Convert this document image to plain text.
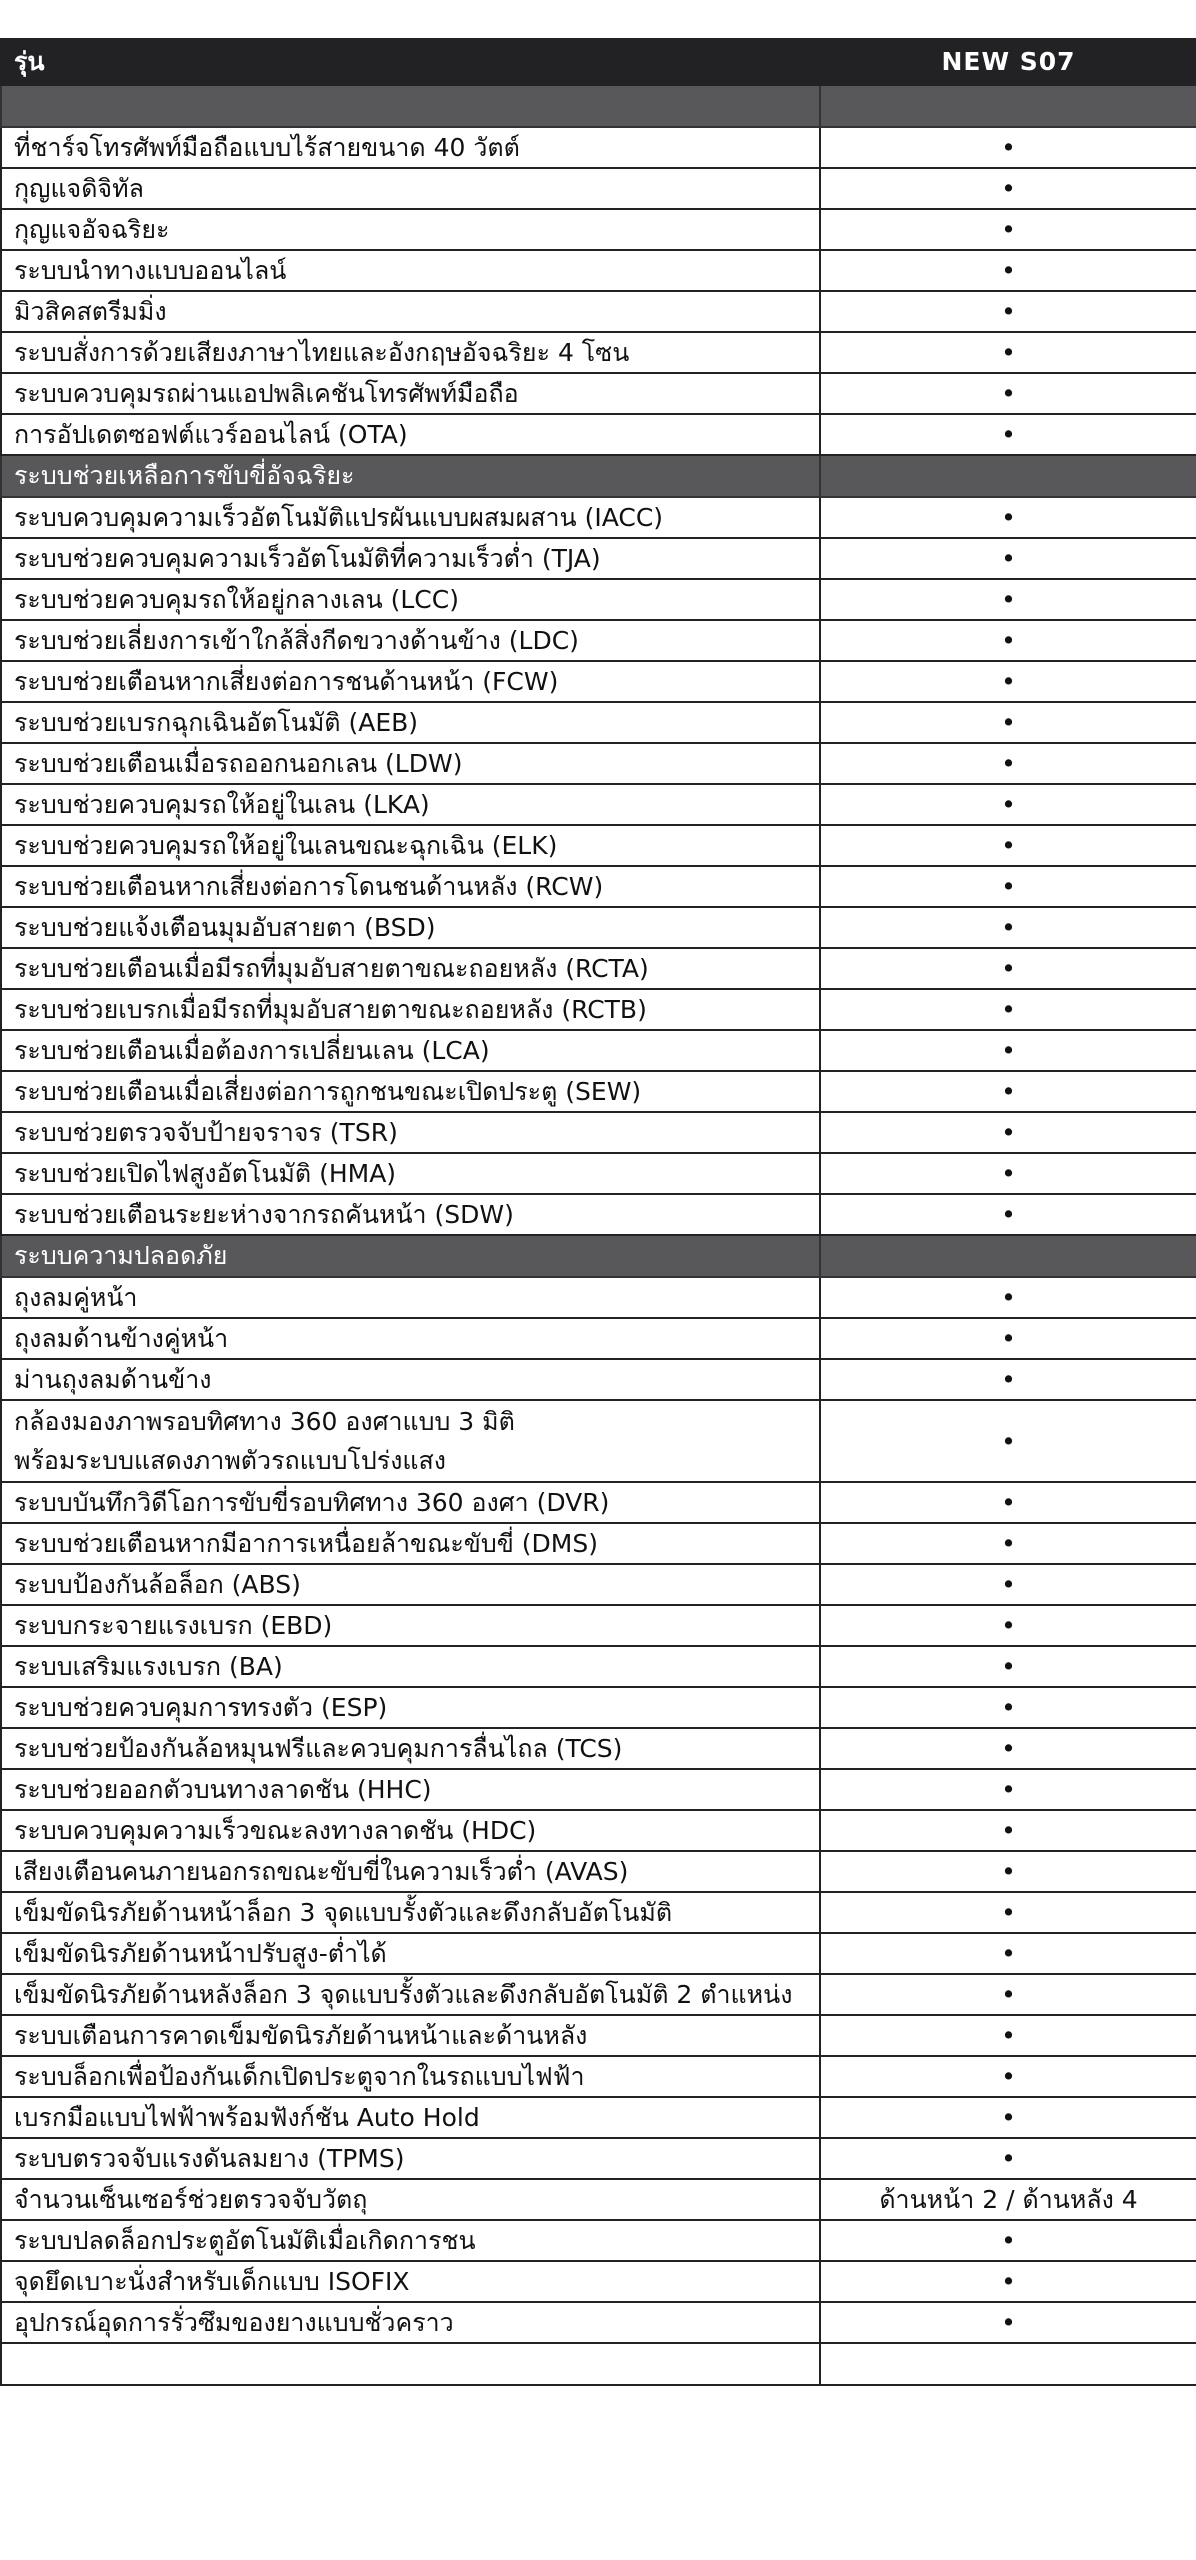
รุ่น	NEW S07

ที่ชาร์จโทรศัพท์มือถือแบบไร้สายขนาด 40 วัตต์	•
กุญแจดิจิทัล	•
กุญแจอัจฉริยะ	•
ระบบนำทางแบบออนไลน์	•
มิวสิคสตรีมมิ่ง	•
ระบบสั่งการด้วยเสียงภาษาไทยและอังกฤษอัจฉริยะ 4 โซน	•
ระบบควบคุมรถผ่านแอปพลิเคชันโทรศัพท์มือถือ	•
การอัปเดตซอฟต์แวร์ออนไลน์ (OTA)	•
ระบบช่วยเหลือการขับขี่อัจฉริยะ	
ระบบควบคุมความเร็วอัตโนมัติแปรผันแบบผสมผสาน (IACC)	•
ระบบช่วยควบคุมความเร็วอัตโนมัติที่ความเร็วต่ำ (TJA)	•
ระบบช่วยควบคุมรถให้อยู่กลางเลน (LCC)	•
ระบบช่วยเลี่ยงการเข้าใกล้สิ่งกีดขวางด้านข้าง (LDC)	•
ระบบช่วยเตือนหากเสี่ยงต่อการชนด้านหน้า (FCW)	•
ระบบช่วยเบรกฉุกเฉินอัตโนมัติ (AEB)	•
ระบบช่วยเตือนเมื่อรถออกนอกเลน (LDW)	•
ระบบช่วยควบคุมรถให้อยู่ในเลน (LKA)	•
ระบบช่วยควบคุมรถให้อยู่ในเลนขณะฉุกเฉิน (ELK)	•
ระบบช่วยเตือนหากเสี่ยงต่อการโดนชนด้านหลัง (RCW)	•
ระบบช่วยแจ้งเตือนมุมอับสายตา (BSD)	•
ระบบช่วยเตือนเมื่อมีรถที่มุมอับสายตาขณะถอยหลัง (RCTA)	•
ระบบช่วยเบรกเมื่อมีรถที่มุมอับสายตาขณะถอยหลัง (RCTB)	•
ระบบช่วยเตือนเมื่อต้องการเปลี่ยนเลน (LCA)	•
ระบบช่วยเตือนเมื่อเสี่ยงต่อการถูกชนขณะเปิดประตู (SEW)	•
ระบบช่วยตรวจจับป้ายจราจร (TSR)	•
ระบบช่วยเปิดไฟสูงอัตโนมัติ (HMA)	•
ระบบช่วยเตือนระยะห่างจากรถคันหน้า (SDW)	•
ระบบความปลอดภัย	
ถุงลมคู่หน้า	•
ถุงลมด้านข้างคู่หน้า	•
ม่านถุงลมด้านข้าง	•

กล้องมองภาพรอบทิศทาง 360 องศาแบบ 3 มิติ
พร้อมระบบแสดงภาพตัวรถแบบโปร่งแสง	•
ระบบบันทึกวิดีโอการขับขี่รอบทิศทาง 360 องศา (DVR)	•
ระบบช่วยเตือนหากมีอาการเหนื่อยล้าขณะขับขี่ (DMS)	•
ระบบป้องกันล้อล็อก (ABS)	•
ระบบกระจายแรงเบรก (EBD)	•
ระบบเสริมแรงเบรก (BA)	•
ระบบช่วยควบคุมการทรงตัว (ESP)	•
ระบบช่วยป้องกันล้อหมุนฟรีและควบคุมการลื่นไถล (TCS)	•
ระบบช่วยออกตัวบนทางลาดชัน (HHC)	•
ระบบควบคุมความเร็วขณะลงทางลาดชัน (HDC)	•
เสียงเตือนคนภายนอกรถขณะขับขี่ในความเร็วต่ำ (AVAS)	•
เข็มขัดนิรภัยด้านหน้าล็อก 3 จุดแบบรั้งตัวและดึงกลับอัตโนมัติ	•
เข็มขัดนิรภัยด้านหน้าปรับสูง-ต่ำได้	•
เข็มขัดนิรภัยด้านหลังล็อก 3 จุดแบบรั้งตัวและดึงกลับอัตโนมัติ 2 ตำแหน่ง	•
ระบบเตือนการคาดเข็มขัดนิรภัยด้านหน้าและด้านหลัง	•
ระบบล็อกเพื่อป้องกันเด็กเปิดประตูจากในรถแบบไฟฟ้า	•
เบรกมือแบบไฟฟ้าพร้อมฟังก์ชัน Auto Hold	•
ระบบตรวจจับแรงดันลมยาง (TPMS)	•
จำนวนเซ็นเซอร์ช่วยตรวจจับวัตถุ	ด้านหน้า 2 / ด้านหลัง 4
ระบบปลดล็อกประตูอัตโนมัติเมื่อเกิดการชน	•
จุดยึดเบาะนั่งสำหรับเด็กแบบ ISOFIX	•
อุปกรณ์อุดการรั่วซึมของยางแบบชั่วคราว	•
